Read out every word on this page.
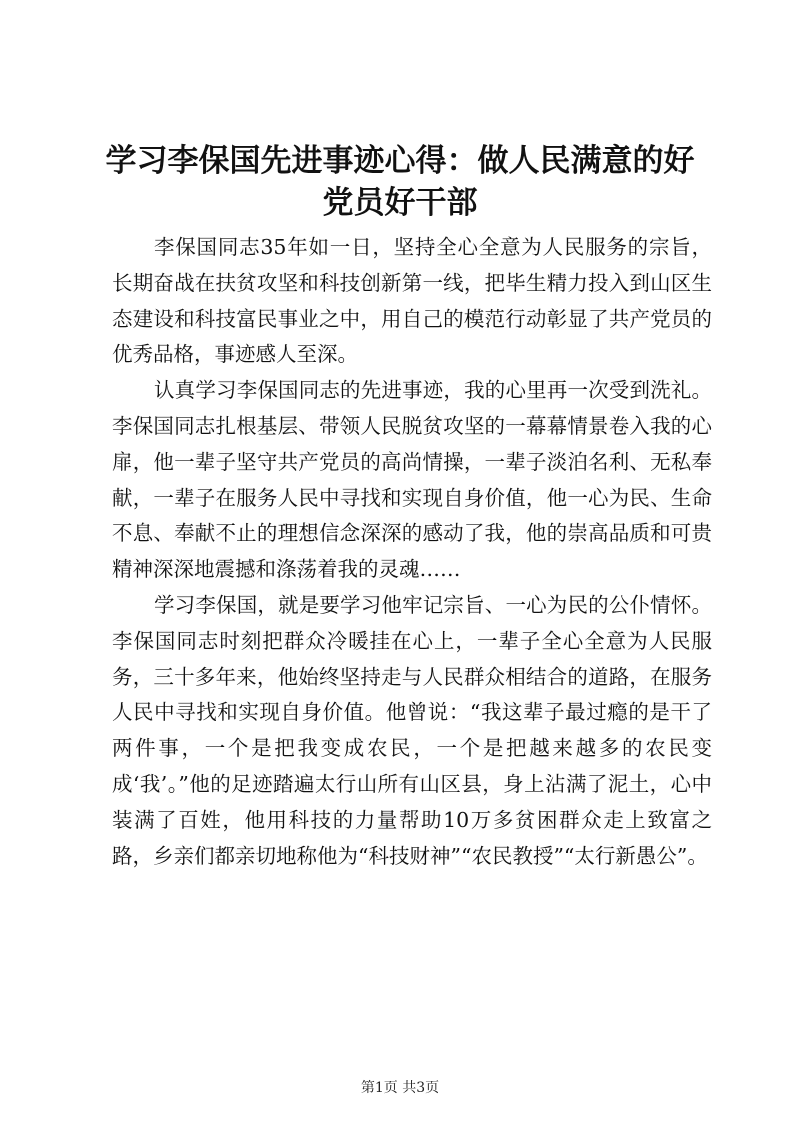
学习李保国先进事迹心得：做人民满意的好党员好干部

李保国同志35年如一日，坚持全心全意为人民服务的宗旨，长期奋战在扶贫攻坚和科技创新第一线，把毕生精力投入到山区生态建设和科技富民事业之中，用自己的模范行动彰显了共产党员的优秀品格，事迹感人至深。

认真学习李保国同志的先进事迹，我的心里再一次受到洗礼。李保国同志扎根基层、带领人民脱贫攻坚的一幕幕情景卷入我的心扉，他一辈子坚守共产党员的高尚情操，一辈子淡泊名利、无私奉献，一辈子在服务人民中寻找和实现自身价值，他一心为民、生命不息、奉献不止的理想信念深深的感动了我，他的崇高品质和可贵精神深深地震撼和涤荡着我的灵魂……

学习李保国，就是要学习他牢记宗旨、一心为民的公仆情怀。李保国同志时刻把群众冷暖挂在心上，一辈子全心全意为人民服务，三十多年来，他始终坚持走与人民群众相结合的道路，在服务人民中寻找和实现自身价值。他曾说：“我这辈子最过瘾的是干了两件事，一个是把我变成农民，一个是把越来越多的农民变成‘我’。”他的足迹踏遍太行山所有山区县，身上沾满了泥土，心中装满了百姓，他用科技的力量帮助10万多贫困群众走上致富之路，乡亲们都亲切地称他为“科技财神”“农民教授”“太行新愚公”。

第1页 共3页
